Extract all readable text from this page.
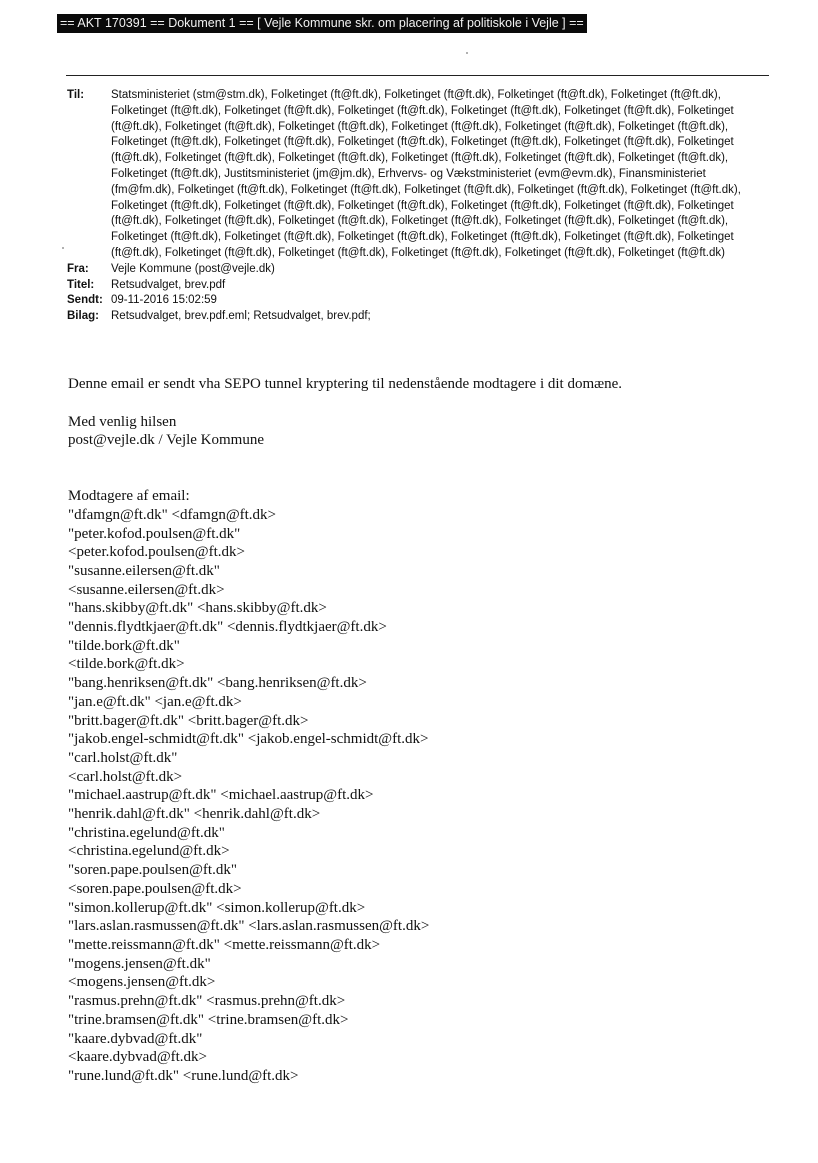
== AKT 170391 == Dokument 1 == [ Vejle Kommune skr. om placering af politiskole i Vejle ] ==
Til:	Statsministeriet (stm@stm.dk), Folketinget (ft@ft.dk), Folketinget (ft@ft.dk), Folketinget (ft@ft.dk), Folketinget (ft@ft.dk), Folketinget (ft@ft.dk), Folketinget (ft@ft.dk), Folketinget (ft@ft.dk), Folketinget (ft@ft.dk), Folketinget (ft@ft.dk), Folketinget (ft@ft.dk), Folketinget (ft@ft.dk), Folketinget (ft@ft.dk), Folketinget (ft@ft.dk), Folketinget (ft@ft.dk), Folketinget (ft@ft.dk), Folketinget (ft@ft.dk), Folketinget (ft@ft.dk), Folketinget (ft@ft.dk), Folketinget (ft@ft.dk), Folketinget (ft@ft.dk), Folketinget (ft@ft.dk), Folketinget (ft@ft.dk), Folketinget (ft@ft.dk), Folketinget (ft@ft.dk), Folketinget (ft@ft.dk), Folketinget (ft@ft.dk), Folketinget (ft@ft.dk), Justitsministeriet (jm@jm.dk), Erhvervs- og Vækstministeriet (evm@evm.dk), Finansministeriet (fm@fm.dk), Folketinget (ft@ft.dk), Folketinget (ft@ft.dk), Folketinget (ft@ft.dk), Folketinget (ft@ft.dk), Folketinget (ft@ft.dk), Folketinget (ft@ft.dk), Folketinget (ft@ft.dk), Folketinget (ft@ft.dk), Folketinget (ft@ft.dk), Folketinget (ft@ft.dk), Folketinget (ft@ft.dk), Folketinget (ft@ft.dk), Folketinget (ft@ft.dk), Folketinget (ft@ft.dk), Folketinget (ft@ft.dk), Folketinget (ft@ft.dk), Folketinget (ft@ft.dk), Folketinget (ft@ft.dk), Folketinget (ft@ft.dk), Folketinget (ft@ft.dk), Folketinget (ft@ft.dk), Folketinget (ft@ft.dk), Folketinget (ft@ft.dk), Folketinget (ft@ft.dk), Folketinget (ft@ft.dk), Folketinget (ft@ft.dk), Folketinget (ft@ft.dk)
Fra:	Vejle Kommune (post@vejle.dk)
Titel:	Retsudvalget, brev.pdf
Sendt: 09-11-2016 15:02:59
Bilag:	Retsudvalget, brev.pdf.eml; Retsudvalget, brev.pdf;

Denne email er sendt vha SEPO tunnel kryptering til nedenstående modtagere i dit domæne.

Med venlig hilsen

post@vejle.dk / Vejle Kommune

Modtagere af email:

"dfamgn@ft.dk" <dfamgn@ft.dk>
"peter.kofod.poulsen@ft.dk"
<peter.kofod.poulsen@ft.dk>
"susanne.eilersen@ft.dk"
<susanne.eilersen@ft.dk>
"hans.skibby@ft.dk" <hans.skibby@ft.dk>
"dennis.flydtkjaer@ft.dk" <dennis.flydtkjaer@ft.dk>
"tilde.bork@ft.dk"
<tilde.bork@ft.dk>
"bang.henriksen@ft.dk" <bang.henriksen@ft.dk>
"jan.e@ft.dk" <jan.e@ft.dk>
"britt.bager@ft.dk" <britt.bager@ft.dk>
"jakob.engel-schmidt@ft.dk" <jakob.engel-schmidt@ft.dk>
"carl.holst@ft.dk"
<carl.holst@ft.dk>
"michael.aastrup@ft.dk" <michael.aastrup@ft.dk>
"henrik.dahl@ft.dk" <henrik.dahl@ft.dk>
"christina.egelund@ft.dk"
<christina.egelund@ft.dk>
"soren.pape.poulsen@ft.dk"
<soren.pape.poulsen@ft.dk>
"simon.kollerup@ft.dk" <simon.kollerup@ft.dk>
"lars.aslan.rasmussen@ft.dk" <lars.aslan.rasmussen@ft.dk>
"mette.reissmann@ft.dk" <mette.reissmann@ft.dk>
"mogens.jensen@ft.dk"
<mogens.jensen@ft.dk>
"rasmus.prehn@ft.dk" <rasmus.prehn@ft.dk>
"trine.bramsen@ft.dk" <trine.bramsen@ft.dk>
"kaare.dybvad@ft.dk"
<kaare.dybvad@ft.dk>
"rune.lund@ft.dk" <rune.lund@ft.dk>
